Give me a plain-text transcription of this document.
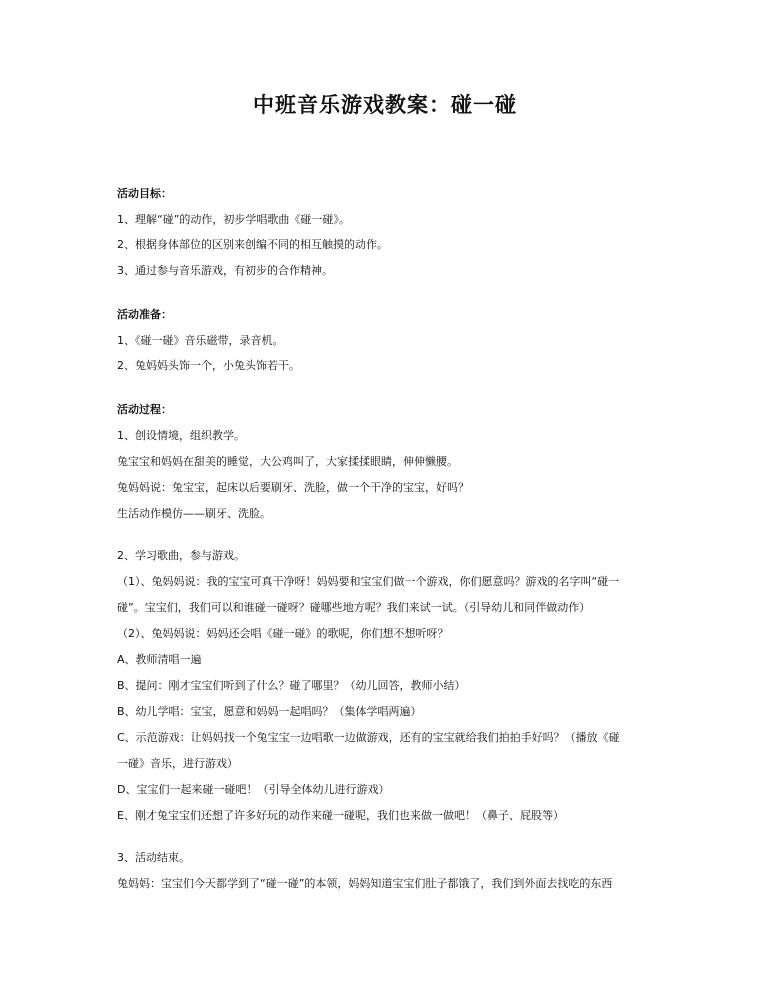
中班音乐游戏教案：碰一碰
活动目标：
1、理解“碰”的动作，初步学唱歌曲《碰一碰》。
2、根据身体部位的区别来创编不同的相互触摸的动作。
3、通过参与音乐游戏，有初步的合作精神。
活动准备：
1、《碰一碰》音乐磁带，录音机。
2、兔妈妈头饰一个，小兔头饰若干。
活动过程：
1、创设情境，组织教学。
兔宝宝和妈妈在甜美的睡觉，大公鸡叫了，大家揉揉眼睛，伸伸懒腰。
兔妈妈说：兔宝宝，起床以后要刷牙、洗脸，做一个干净的宝宝，好吗？
生活动作模仿——刷牙、洗脸。
2、学习歌曲，参与游戏。
（1）、兔妈妈说：我的宝宝可真干净呀！妈妈要和宝宝们做一个游戏，你们愿意吗？游戏的名字叫“碰一
碰”。宝宝们，我们可以和谁碰一碰呀？碰哪些地方呢？我们来试一试。（引导幼儿和同伴做动作）
（2）、兔妈妈说：妈妈还会唱《碰一碰》的歌呢，你们想不想听呀？
A、教师清唱一遍
B、提问：刚才宝宝们听到了什么？碰了哪里？（幼儿回答，教师小结）
B、幼儿学唱：宝宝，愿意和妈妈一起唱吗？（集体学唱两遍）
C、示范游戏：让妈妈找一个兔宝宝一边唱歌一边做游戏，还有的宝宝就给我们拍拍手好吗？（播放《碰
一碰》音乐，进行游戏）
D、宝宝们一起来碰一碰吧！（引导全体幼儿进行游戏）
E、刚才兔宝宝们还想了许多好玩的动作来碰一碰呢，我们也来做一做吧！（鼻子、屁股等）
3、活动结束。
兔妈妈：宝宝们今天都学到了“碰一碰”的本领，妈妈知道宝宝们肚子都饿了，我们到外面去找吃的东西
